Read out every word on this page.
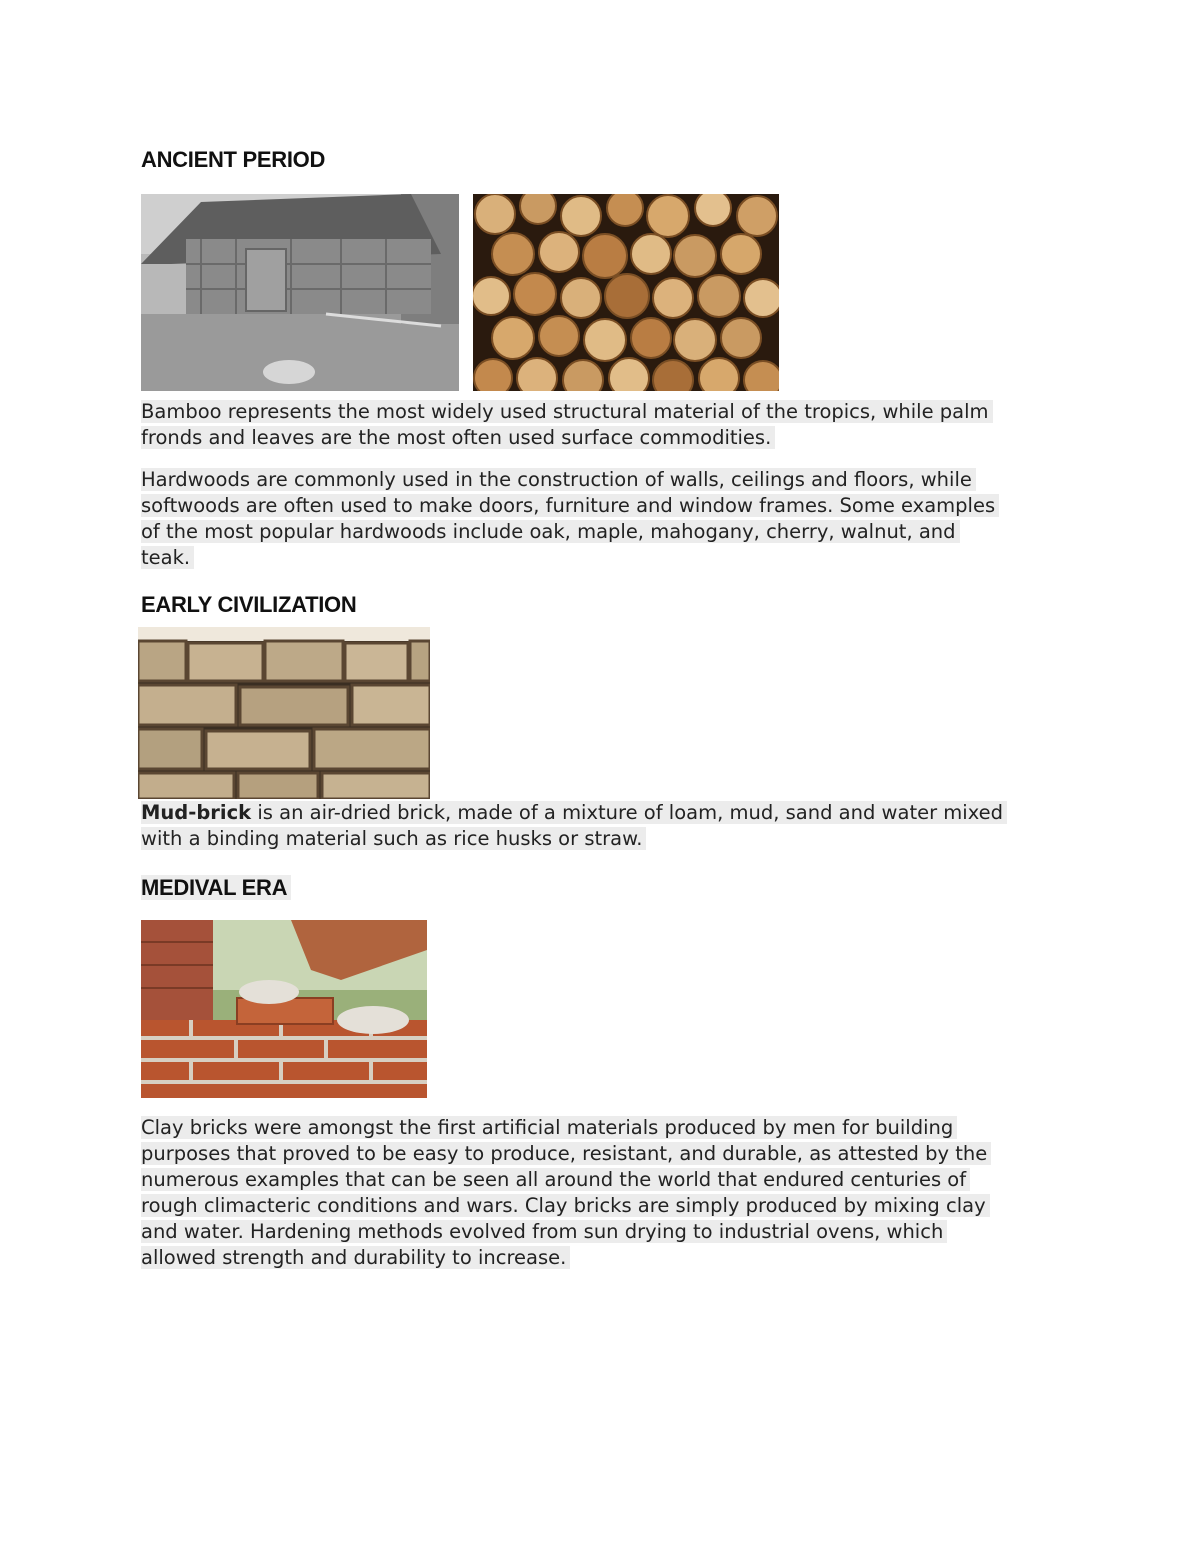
ANCIENT PERIOD
Bamboo represents the most widely used structural material of the tropics, while palm
fronds and leaves are the most often used surface commodities.
Hardwoods are commonly used in the construction of walls, ceilings and floors, while
softwoods are often used to make doors, furniture and window frames. Some examples
of the most popular hardwoods include oak, maple, mahogany, cherry, walnut, and
teak.
EARLY CIVILIZATION
Mud-brick is an air-dried brick, made of a mixture of loam, mud, sand and water mixed
with a binding material such as rice husks or straw.
MEDIVAL ERA
Clay bricks were amongst the first artificial materials produced by men for building
purposes that proved to be easy to produce, resistant, and durable, as attested by the
numerous examples that can be seen all around the world that endured centuries of
rough climacteric conditions and wars. Clay bricks are simply produced by mixing clay
and water. Hardening methods evolved from sun drying to industrial ovens, which
allowed strength and durability to increase.
